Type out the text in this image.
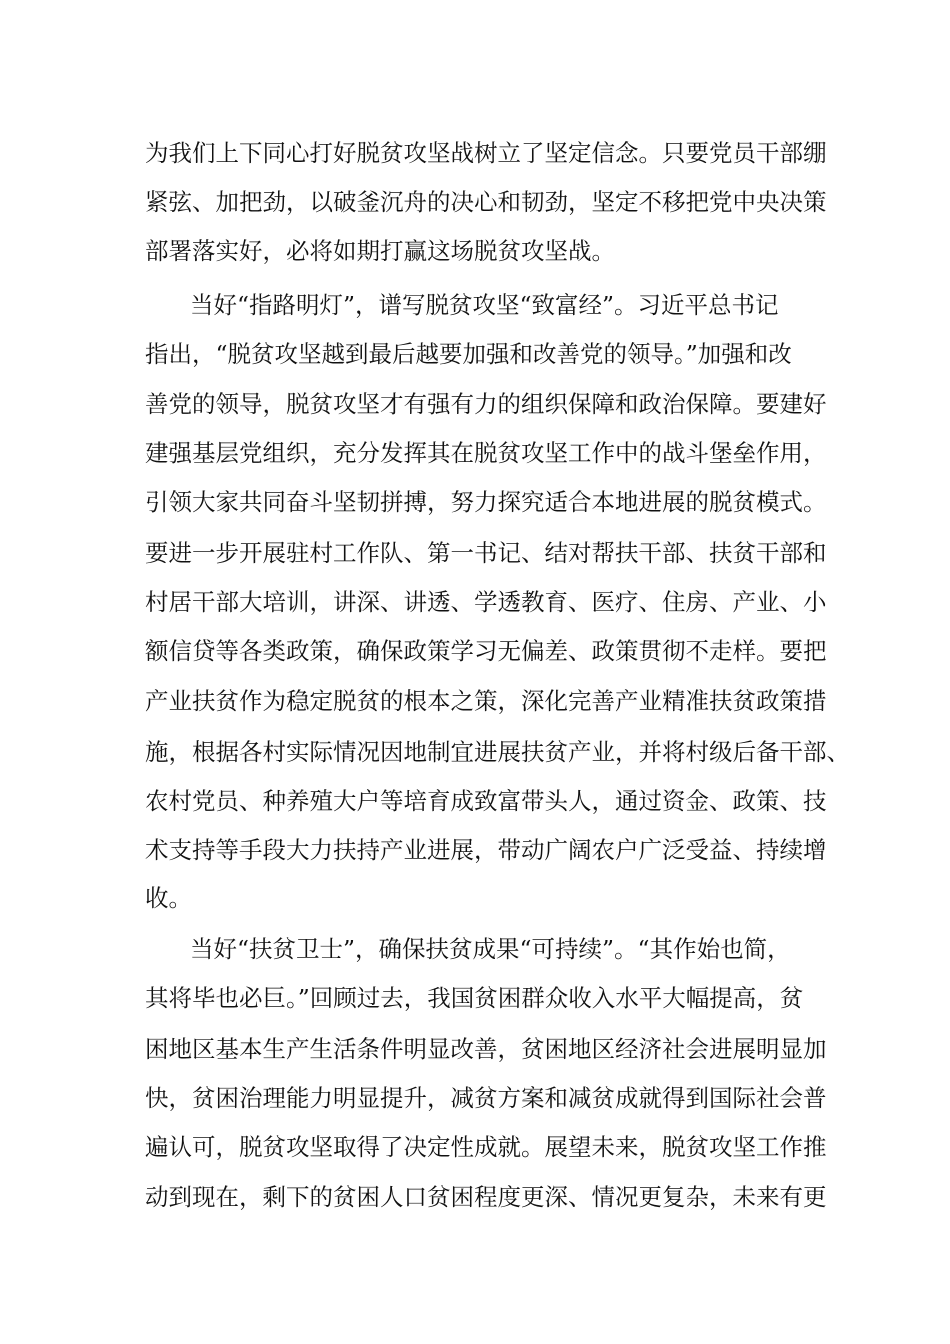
为我们上下同心打好脱贫攻坚战树立了坚定信念。只要党员干部绷
紧弦、加把劲，以破釜沉舟的决心和韧劲，坚定不移把党中央决策
部署落实好，必将如期打赢这场脱贫攻坚战。
当好“指路明灯”，谱写脱贫攻坚“致富经”。习近平总书记
指出，“脱贫攻坚越到最后越要加强和改善党的领导。”加强和改
善党的领导，脱贫攻坚才有强有力的组织保障和政治保障。要建好
建强基层党组织，充分发挥其在脱贫攻坚工作中的战斗堡垒作用，
引领大家共同奋斗坚韧拼搏，努力探究适合本地进展的脱贫模式。
要进一步开展驻村工作队、第一书记、结对帮扶干部、扶贫干部和
村居干部大培训，讲深、讲透、学透教育、医疗、住房、产业、小
额信贷等各类政策，确保政策学习无偏差、政策贯彻不走样。要把
产业扶贫作为稳定脱贫的根本之策，深化完善产业精准扶贫政策措
施，根据各村实际情况因地制宜进展扶贫产业，并将村级后备干部、
农村党员、种养殖大户等培育成致富带头人，通过资金、政策、技
术支持等手段大力扶持产业进展，带动广阔农户广泛受益、持续增
收。
当好“扶贫卫士”，确保扶贫成果“可持续”。“其作始也简，
其将毕也必巨。”回顾过去，我国贫困群众收入水平大幅提高，贫
困地区基本生产生活条件明显改善，贫困地区经济社会进展明显加
快，贫困治理能力明显提升，减贫方案和减贫成就得到国际社会普
遍认可，脱贫攻坚取得了决定性成就。展望未来，脱贫攻坚工作推
动到现在，剩下的贫困人口贫困程度更深、情况更复杂，未来有更
